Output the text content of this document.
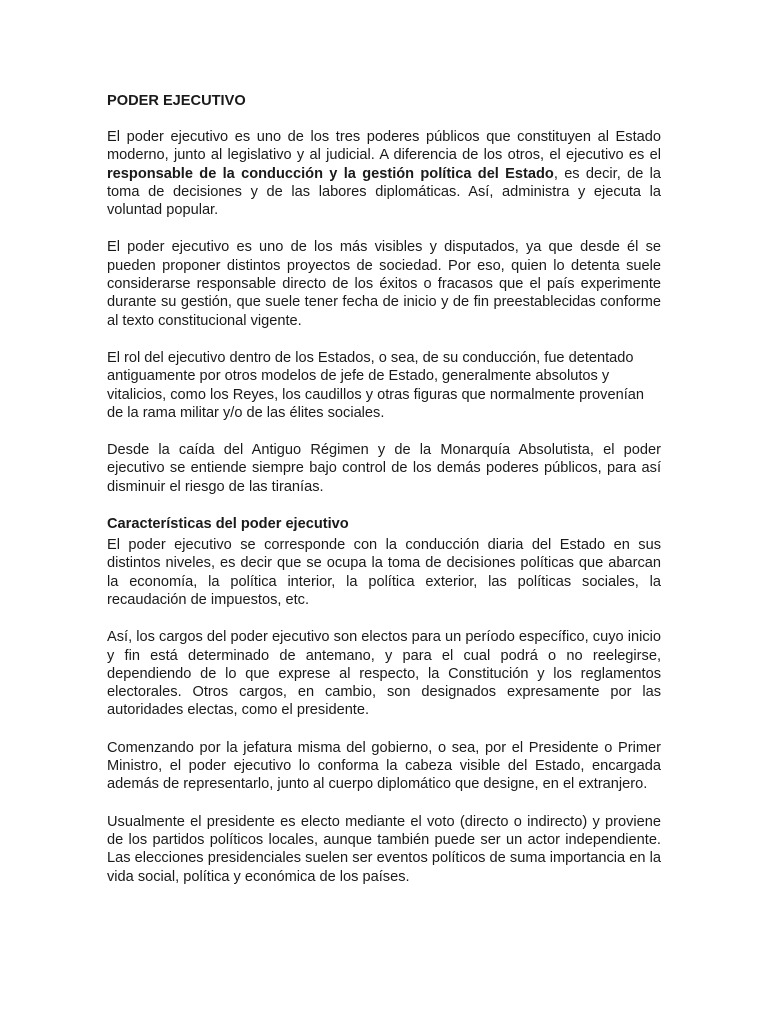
PODER EJECUTIVO

El poder ejecutivo es uno de los tres poderes públicos que constituyen al Estado moderno, junto al legislativo y al judicial. A diferencia de los otros, el ejecutivo es el responsable de la conducción y la gestión política del Estado, es decir, de la toma de decisiones y de las labores diplomáticas. Así, administra y ejecuta la voluntad popular.

El poder ejecutivo es uno de los más visibles y disputados, ya que desde él se pueden proponer distintos proyectos de sociedad. Por eso, quien lo detenta suele considerarse responsable directo de los éxitos o fracasos que el país experimente durante su gestión, que suele tener fecha de inicio y de fin preestablecidas conforme al texto constitucional vigente.

El rol del ejecutivo dentro de los Estados, o sea, de su conducción, fue detentado antiguamente por otros modelos de jefe de Estado, generalmente absolutos y vitalicios, como los Reyes, los caudillos y otras figuras que normalmente provenían de la rama militar y/o de las élites sociales.

Desde la caída del Antiguo Régimen y de la Monarquía Absolutista, el poder ejecutivo se entiende siempre bajo control de los demás poderes públicos, para así disminuir el riesgo de las tiranías.

Características del poder ejecutivo

El poder ejecutivo se corresponde con la conducción diaria del Estado en sus distintos niveles, es decir que se ocupa la toma de decisiones políticas que abarcan la economía, la política interior, la política exterior, las políticas sociales, la recaudación de impuestos, etc.

Así, los cargos del poder ejecutivo son electos para un período específico, cuyo inicio y fin está determinado de antemano, y para el cual podrá o no reelegirse, dependiendo de lo que exprese al respecto, la Constitución y los reglamentos electorales. Otros cargos, en cambio, son designados expresamente por las autoridades electas, como el presidente.

Comenzando por la jefatura misma del gobierno, o sea, por el Presidente o Primer Ministro, el poder ejecutivo lo conforma la cabeza visible del Estado, encargada además de representarlo, junto al cuerpo diplomático que designe, en el extranjero.

Usualmente el presidente es electo mediante el voto (directo o indirecto) y proviene de los partidos políticos locales, aunque también puede ser un actor independiente. Las elecciones presidenciales suelen ser eventos políticos de suma importancia en la vida social, política y económica de los países.
